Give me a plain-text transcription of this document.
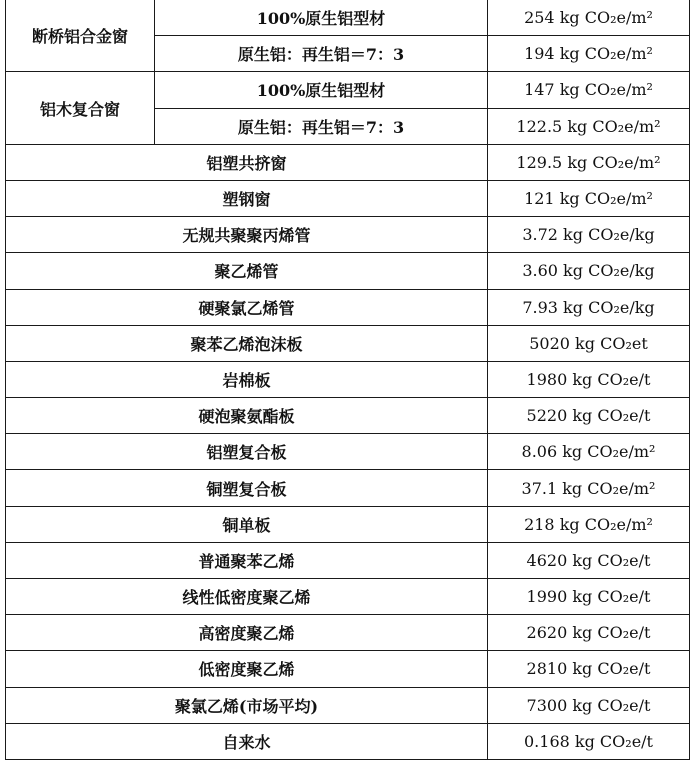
断桥铝合金窗	100%原生铝型材	254 kg CO₂e/m²
	原生铝：再生铝＝7：3	194 kg CO₂e/m²
铝木复合窗	100%原生铝型材	147 kg CO₂e/m²
	原生铝：再生铝＝7：3	122.5 kg CO₂e/m²
铝塑共挤窗		129.5 kg CO₂e/m²
塑钢窗		121 kg CO₂e/m²
无规共聚聚丙烯管		3.72 kg CO₂e/kg
聚乙烯管		3.60 kg CO₂e/kg
硬聚氯乙烯管		7.93 kg CO₂e/kg
聚苯乙烯泡沫板		5020 kg CO₂et
岩棉板		1980 kg CO₂e/t
硬泡聚氨酯板		5220 kg CO₂e/t
铝塑复合板		8.06 kg CO₂e/m²
铜塑复合板		37.1 kg CO₂e/m²
铜单板		218 kg CO₂e/m²
普通聚苯乙烯		4620 kg CO₂e/t
线性低密度聚乙烯		1990 kg CO₂e/t
高密度聚乙烯		2620 kg CO₂e/t
低密度聚乙烯		2810 kg CO₂e/t
聚氯乙烯(市场平均)		7300 kg CO₂e/t
自来水		0.168 kg CO₂e/t
